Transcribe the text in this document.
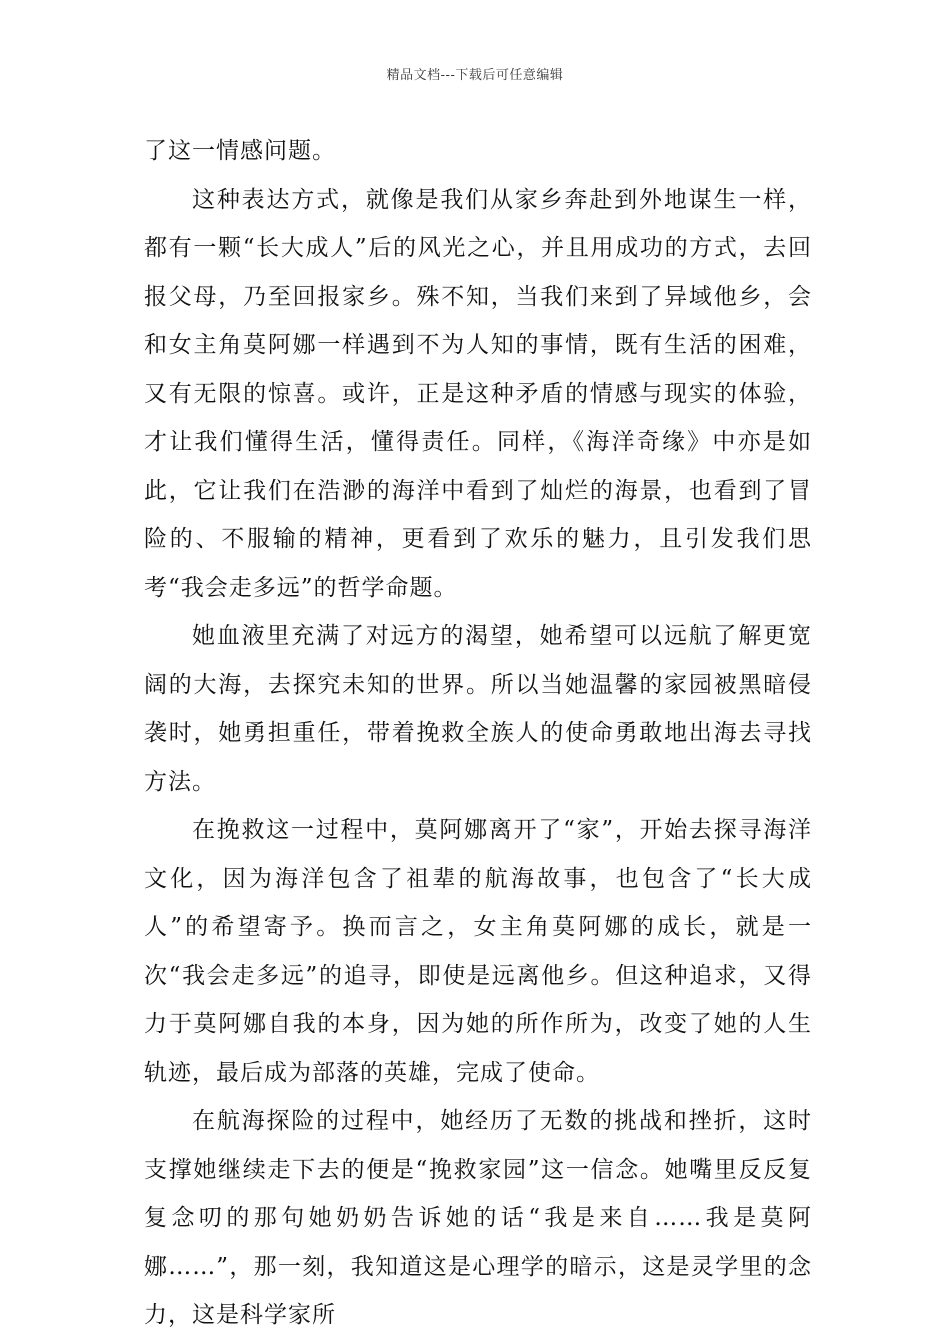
精品文档---下载后可任意编辑

了这一情感问题。

这种表达方式，就像是我们从家乡奔赴到外地谋生一样，都有一颗“长大成人”后的风光之心，并且用成功的方式，去回报父母，乃至回报家乡。殊不知，当我们来到了异域他乡，会和女主角莫阿娜一样遇到不为人知的事情，既有生活的困难，又有无限的惊喜。或许，正是这种矛盾的情感与现实的体验，才让我们懂得生活，懂得责任。同样，《海洋奇缘》中亦是如此，它让我们在浩渺的海洋中看到了灿烂的海景，也看到了冒险的、不服输的精神，更看到了欢乐的魅力，且引发我们思考“我会走多远”的哲学命题。

她血液里充满了对远方的渴望，她希望可以远航了解更宽阔的大海，去探究未知的世界。所以当她温馨的家园被黑暗侵袭时，她勇担重任，带着挽救全族人的使命勇敢地出海去寻找方法。

在挽救这一过程中，莫阿娜离开了“家”，开始去探寻海洋文化，因为海洋包含了祖辈的航海故事，也包含了“长大成人”的希望寄予。换而言之，女主角莫阿娜的成长，就是一次“我会走多远”的追寻，即使是远离他乡。但这种追求，又得力于莫阿娜自我的本身，因为她的所作所为，改变了她的人生轨迹，最后成为部落的英雄，完成了使命。

在航海探险的过程中，她经历了无数的挑战和挫折，这时支撑她继续走下去的便是“挽救家园”这一信念。她嘴里反反复复念叨的那句她奶奶告诉她的话“我是来自……我是莫阿娜……”，那一刻，我知道这是心理学的暗示，这是灵学里的念力，这是科学家所
